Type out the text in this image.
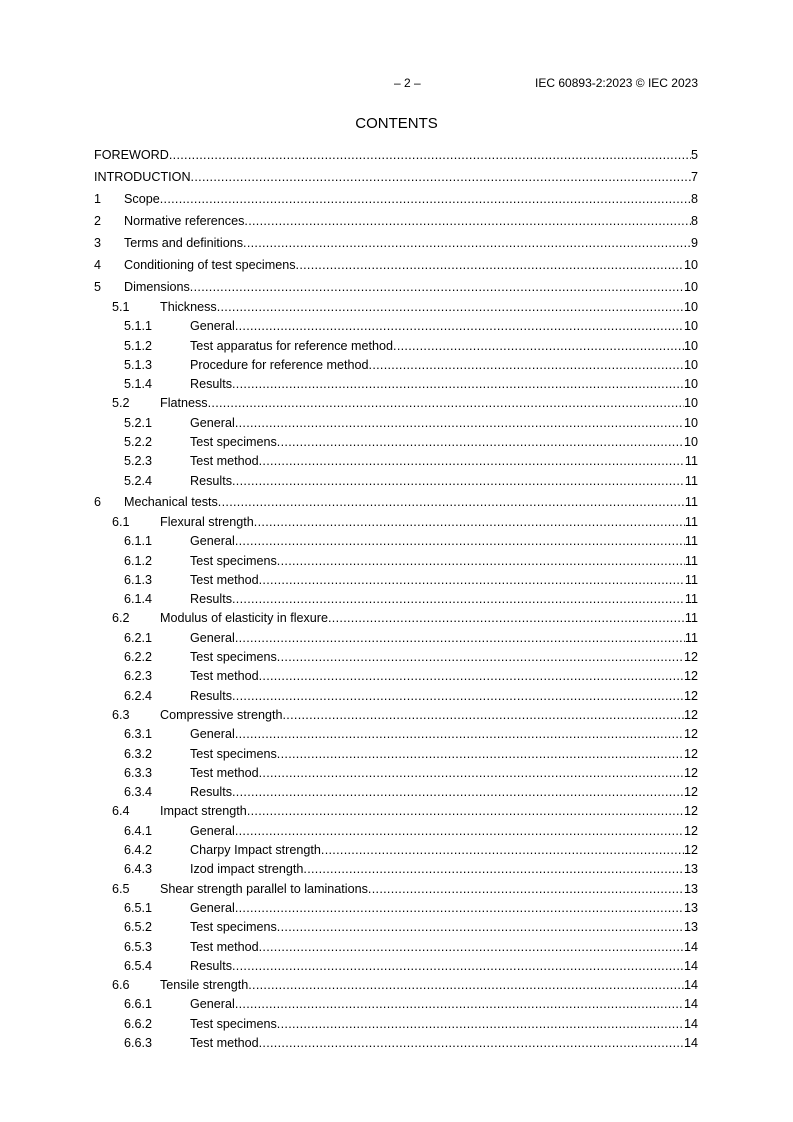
– 2 –	IEC 60893-2:2023 © IEC 2023
CONTENTS
FOREWORD . . .	5
INTRODUCTION . . .	7
1	Scope . . .	8
2	Normative references . . .	8
3	Terms and definitions . . .	9
4	Conditioning of test specimens . . .	10
5	Dimensions . . .	10
5.1	Thickness . . .	10
5.1.1	General . . .	10
5.1.2	Test apparatus for reference method . . .	10
5.1.3	Procedure for reference method . . .	10
5.1.4	Results . . .	10
5.2	Flatness . . .	10
5.2.1	General . . .	10
5.2.2	Test specimens . . .	10
5.2.3	Test method . . .	11
5.2.4	Results . . .	11
6	Mechanical tests . . .	11
6.1	Flexural strength . . .	11
6.1.1	General . . .	11
6.1.2	Test specimens . . .	11
6.1.3	Test method . . .	11
6.1.4	Results . . .	11
6.2	Modulus of elasticity in flexure . . .	11
6.2.1	General . . .	11
6.2.2	Test specimens . . .	12
6.2.3	Test method . . .	12
6.2.4	Results . . .	12
6.3	Compressive strength . . .	12
6.3.1	General . . .	12
6.3.2	Test specimens . . .	12
6.3.3	Test method . . .	12
6.3.4	Results . . .	12
6.4	Impact strength . . .	12
6.4.1	General . . .	12
6.4.2	Charpy Impact strength . . .	12
6.4.3	Izod impact strength . . .	13
6.5	Shear strength parallel to laminations . . .	13
6.5.1	General . . .	13
6.5.2	Test specimens . . .	13
6.5.3	Test method . . .	14
6.5.4	Results . . .	14
6.6	Tensile strength . . .	14
6.6.1	General . . .	14
6.6.2	Test specimens . . .	14
6.6.3	Test method . . .	14
